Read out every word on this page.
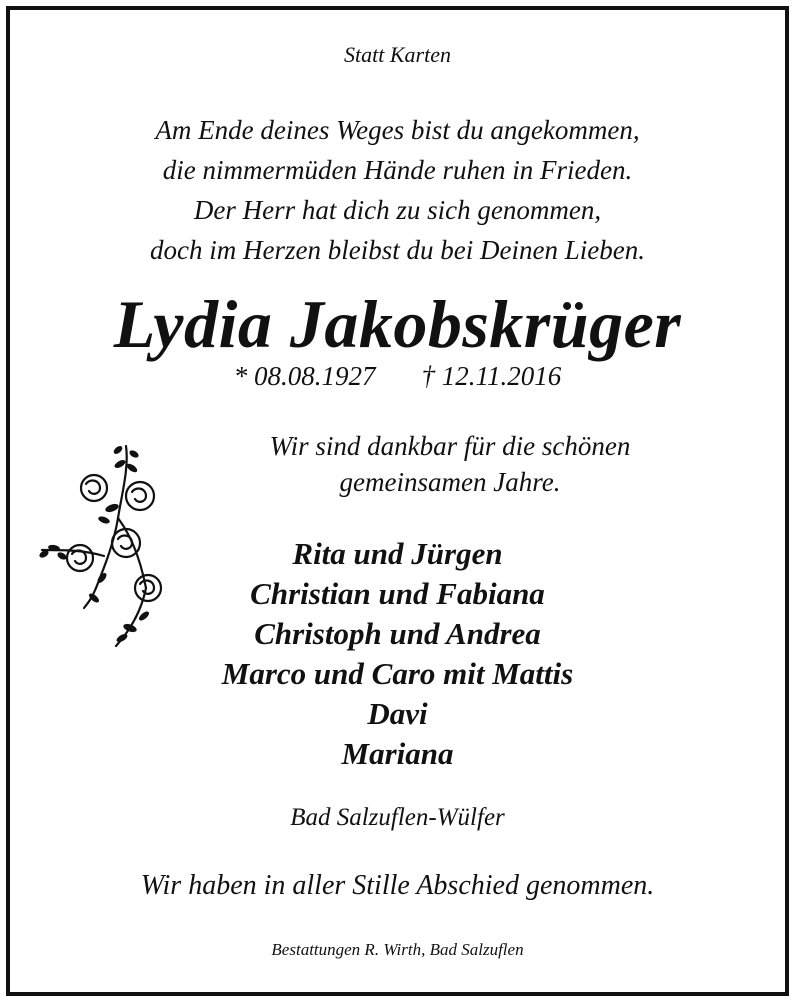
Statt Karten

Am Ende deines Weges bist du angekommen,
die nimmermüden Hände ruhen in Frieden.
Der Herr hat dich zu sich genommen,
doch im Herzen bleibst du bei Deinen Lieben.
Lydia Jakobskrüger
* 08.08.1927 † 12.11.2016
Wir sind dankbar für die schönen
gemeinsamen Jahre.
Rita und Jürgen
Christian und Fabiana
Christoph und Andrea
Marco und Caro mit Mattis
Davi
Mariana

Bad Salzuflen-Wülfer

Wir haben in aller Stille Abschied genommen.

Bestattungen R. Wirth, Bad Salzuflen
